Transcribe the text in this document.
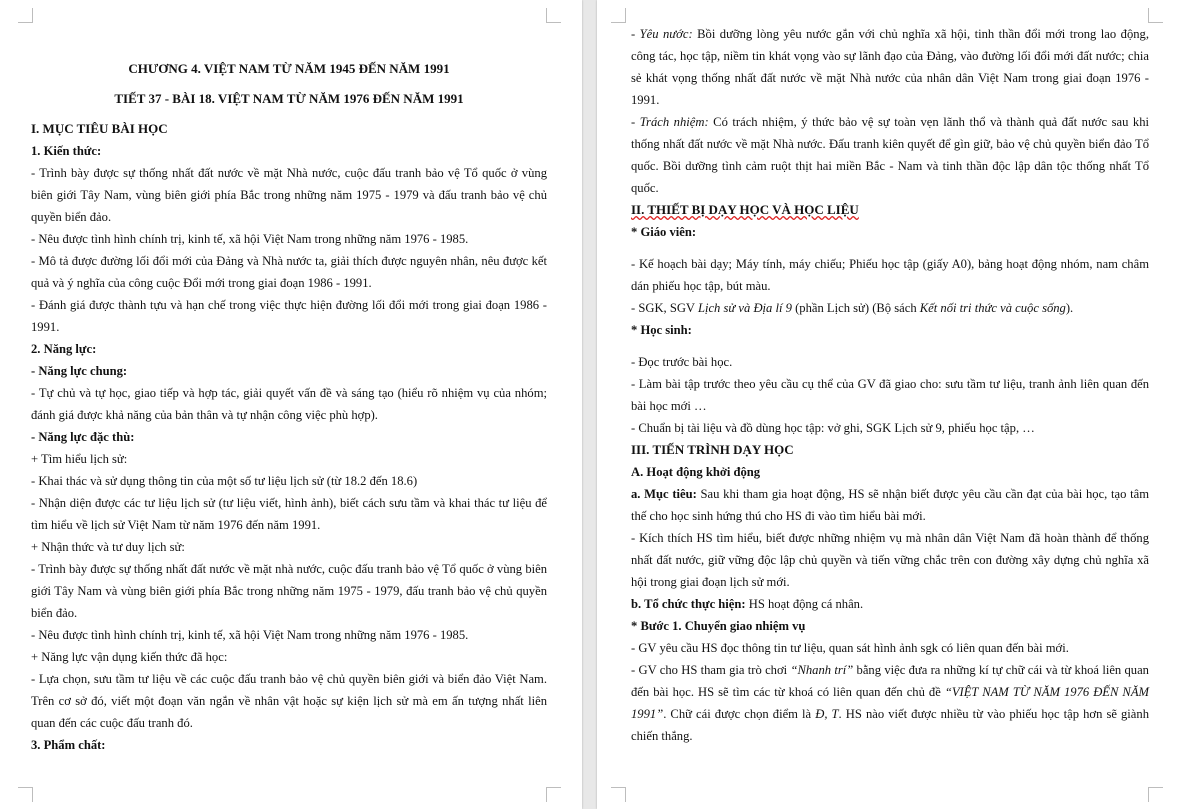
CHƯƠNG 4. VIỆT NAM TỪ NĂM 1945 ĐẾN NĂM 1991

TIẾT 37 - BÀI 18. VIỆT NAM TỪ NĂM 1976 ĐẾN NĂM 1991

I. MỤC TIÊU BÀI HỌC

1. Kiến thức:

- Trình bày được sự thống nhất đất nước về mặt Nhà nước, cuộc đấu tranh bảo vệ Tổ quốc ở vùng biên giới Tây Nam, vùng biên giới phía Bắc trong những năm 1975 - 1979 và đấu tranh bảo vệ chủ quyền biển đảo.

- Nêu được tình hình chính trị, kinh tế, xã hội Việt Nam trong những năm 1976 - 1985.

- Mô tả được đường lối đổi mới của Đảng và Nhà nước ta, giải thích được nguyên nhân, nêu được kết quả và ý nghĩa của công cuộc Đổi mới trong giai đoạn 1986 - 1991.

- Đánh giá được thành tựu và hạn chế trong việc thực hiện đường lối đổi mới trong giai đoạn 1986 - 1991.

2. Năng lực:

- Năng lực chung:

- Tự chủ và tự học, giao tiếp và hợp tác, giải quyết vấn đề và sáng tạo (hiểu rõ nhiệm vụ của nhóm; đánh giá được khả năng của bản thân và tự nhận công việc phù hợp).

- Năng lực đặc thù:

+ Tìm hiểu lịch sử:

- Khai thác và sử dụng thông tin của một số tư liệu lịch sử (từ 18.2 đến 18.6)

- Nhận diện được các tư liệu lịch sử (tư liệu viết, hình ảnh), biết cách sưu tầm và khai thác tư liệu để tìm hiểu về lịch sử Việt Nam từ năm 1976 đến năm 1991.

+ Nhận thức và tư duy lịch sử:

- Trình bày được sự thống nhất đất nước về mặt nhà nước, cuộc đấu tranh bảo vệ Tổ quốc ở vùng biên giới Tây Nam và vùng biên giới phía Bắc trong những năm 1975 - 1979, đấu tranh bảo vệ chủ quyền biển đảo.

- Nêu được tình hình chính trị, kinh tế, xã hội Việt Nam trong những năm 1976 - 1985.

+ Năng lực vận dụng kiến thức đã học:

- Lựa chọn, sưu tầm tư liệu về các cuộc đấu tranh bảo vệ chủ quyền biên giới và biển đảo Việt Nam. Trên cơ sở đó, viết một đoạn văn ngắn về nhân vật hoặc sự kiện lịch sử mà em ấn tượng nhất liên quan đến các cuộc đấu tranh đó.

3. Phẩm chất:

- Yêu nước: Bồi dưỡng lòng yêu nước gắn với chủ nghĩa xã hội, tinh thần đổi mới trong lao động, công tác, học tập, niềm tin khát vọng vào sự lãnh đạo của Đảng, vào đường lối đổi mới đất nước; chia sẻ khát vọng thống nhất đất nước về mặt Nhà nước của nhân dân Việt Nam trong giai đoạn 1976 - 1991.

- Trách nhiệm: Có trách nhiệm, ý thức bảo vệ sự toàn vẹn lãnh thổ và thành quả đất nước sau khi thống nhất đất nước về mặt Nhà nước. Đấu tranh kiên quyết để gìn giữ, bảo vệ chủ quyền biển đảo Tổ quốc. Bồi dưỡng tình cảm ruột thịt hai miền Bắc - Nam và tinh thần độc lập dân tộc thống nhất Tổ quốc.

II. THIẾT BỊ DẠY HỌC VÀ HỌC LIỆU

* Giáo viên:

- Kế hoạch bài dạy; Máy tính, máy chiếu; Phiếu học tập (giấy A0), bảng hoạt động nhóm, nam châm dán phiếu học tập, bút màu.

- SGK, SGV Lịch sử và Địa lí 9 (phần Lịch sử) (Bộ sách Kết nối tri thức và cuộc sống).

* Học sinh:

- Đọc trước bài học.

- Làm bài tập trước theo yêu cầu cụ thể của GV đã giao cho: sưu tầm tư liệu, tranh ảnh liên quan đến bài học mới …

- Chuẩn bị tài liệu và đồ dùng học tập: vở ghi, SGK Lịch sử 9, phiếu học tập, …

III. TIẾN TRÌNH DẠY HỌC

A. Hoạt động khởi động

a. Mục tiêu: Sau khi tham gia hoạt động, HS sẽ nhận biết được yêu cầu cần đạt của bài học, tạo tâm thế cho học sinh hứng thú cho HS đi vào tìm hiểu bài mới.

- Kích thích HS tìm hiểu, biết được những nhiệm vụ mà nhân dân Việt Nam đã hoàn thành để thống nhất đất nước, giữ vững độc lập chủ quyền và tiến vững chắc trên con đường xây dựng chủ nghĩa xã hội trong giai đoạn lịch sử mới.

b. Tổ chức thực hiện: HS hoạt động cá nhân.

* Bước 1. Chuyển giao nhiệm vụ

- GV yêu cầu HS đọc thông tin tư liệu, quan sát hình ảnh sgk có liên quan đến bài mới.

- GV cho HS tham gia trò chơi “Nhanh trí” bằng việc đưa ra những kí tự chữ cái và từ khoá liên quan đến bài học. HS sẽ tìm các từ khoá có liên quan đến chủ đề “VIỆT NAM TỪ NĂM 1976 ĐẾN NĂM 1991”. Chữ cái được chọn điểm là Đ, T. HS nào viết được nhiều từ vào phiếu học tập hơn sẽ giành chiến thắng.
